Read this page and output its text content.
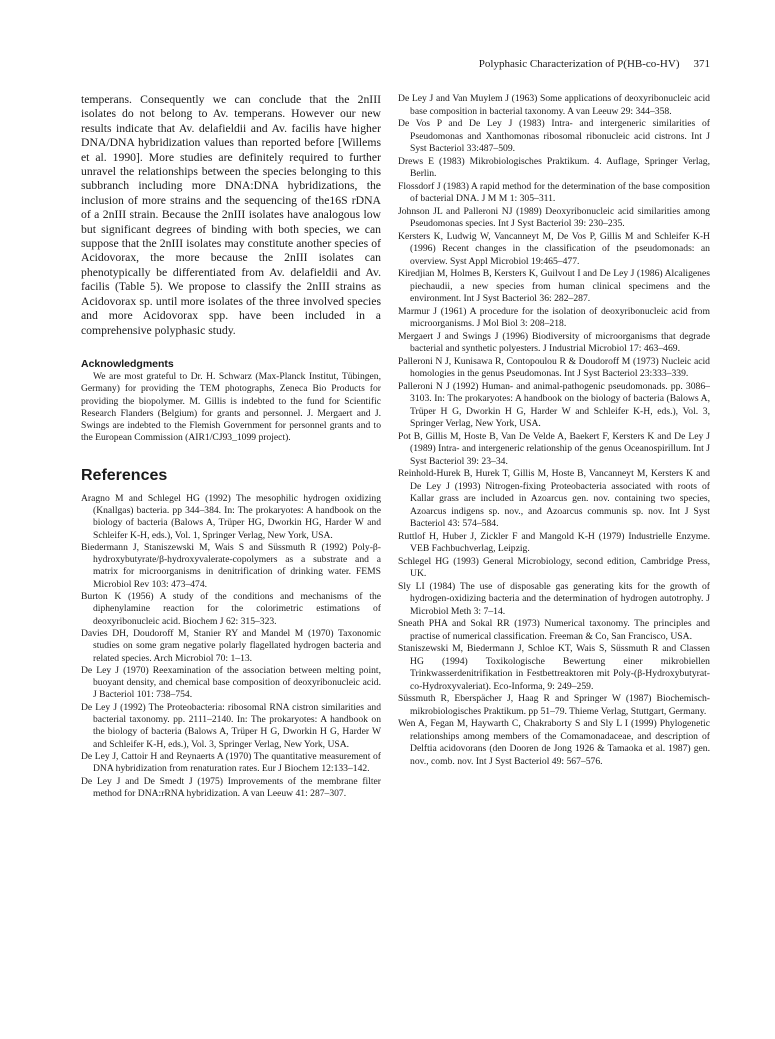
Polyphasic Characterization of P(HB-co-HV) 371

temperans. Consequently we can conclude that the 2nIII isolates do not belong to Av. temperans. However our new results indicate that Av. delafieldii and Av. facilis have higher DNA/DNA hybridization values than reported before [Willems et al. 1990]. More studies are definitely required to further unravel the relationships between the species belonging to this subbranch including more DNA:DNA hybridizations, the inclusion of more strains and the sequencing of the16S rDNA of a 2nIII strain. Because the 2nIII isolates have analogous low but significant degrees of binding with both species, we can suppose that the 2nIII isolates may constitute another species of Acidovorax, the more because the 2nIII isolates can phenotypically be differentiated from Av. delafieldii and Av. facilis (Table 5). We propose to classify the 2nIII strains as Acidovorax sp. until more isolates of the three involved species and more Acidovorax spp. have been included in a comprehensive polyphasic study.

Acknowledgments

We are most grateful to Dr. H. Schwarz (Max-Planck Institut, Tübingen, Germany) for providing the TEM photographs, Zeneca Bio Products for providing the biopolymer. M. Gillis is indebted to the fund for Scientific Research Flanders (Belgium) for grants and personnel. J. Mergaert and J. Swings are indebted to the Flemish Government for personnel grants and to the European Commission (AIR1/CJ93_1099 project).

References
Aragno M and Schlegel HG (1992) The mesophilic hydrogen oxidizing (Knallgas) bacteria. pp 344–384. In: The prokaryotes: A handbook on the biology of bacteria (Balows A, Trüper HG, Dworkin HG, Harder W and Schleifer K-H, eds.), Vol. 1, Springer Verlag, New York, USA.
Biedermann J, Staniszewski M, Wais S and Süssmuth R (1992) Poly-β-hydroxybutyrate/β-hydroxyvalerate-copolymers as a substrate and a matrix for microorganisms in denitrification of drinking water. FEMS Microbiol Rev 103: 473–474.
Burton K (1956) A study of the conditions and mechanisms of the diphenylamine reaction for the colorimetric estimations of deoxyribonucleic acid. Biochem J 62: 315–323.
Davies DH, Doudoroff M, Stanier RY and Mandel M (1970) Taxonomic studies on some gram negative polarly flagellated hydrogen bacteria and related species. Arch Microbiol 70: 1–13.
De Ley J (1970) Reexamination of the association between melting point, buoyant density, and chemical base composition of deoxyribonucleic acid. J Bacteriol 101: 738–754.
De Ley J (1992) The Proteobacteria: ribosomal RNA cistron similarities and bacterial taxonomy. pp. 2111–2140. In: The prokaryotes: A handbook on the biology of bacteria (Balows A, Trüper H G, Dworkin H G, Harder W and Schleifer K-H, eds.), Vol. 3, Springer Verlag, New York, USA.
De Ley J, Cattoir H and Reynaerts A (1970) The quantitative measurement of DNA hybridization from renaturation rates. Eur J Biochem 12:133–142.
De Ley J and De Smedt J (1975) Improvements of the membrane filter method for DNA:rRNA hybridization. A van Leeuw 41: 287–307.
De Ley J and Van Muylem J (1963) Some applications of deoxyribonucleic acid base composition in bacterial taxonomy. A van Leeuw 29: 344–358.
De Vos P and De Ley J (1983) Intra- and intergeneric similarities of Pseudomonas and Xanthomonas ribosomal ribonucleic acid cistrons. Int J Syst Bacteriol 33:487–509.
Drews E (1983) Mikrobiologisches Praktikum. 4. Auflage, Springer Verlag, Berlin.
Flossdorf J (1983) A rapid method for the determination of the base composition of bacterial DNA. J M M 1: 305–311.
Johnson JL and Palleroni NJ (1989) Deoxyribonucleic acid similarities among Pseudomonas species. Int J Syst Bacteriol 39: 230–235.
Kersters K, Ludwig W, Vancanneyt M, De Vos P, Gillis M and Schleifer K-H (1996) Recent changes in the classification of the pseudomonads: an overview. Syst Appl Microbiol 19:465–477.
Kiredjian M, Holmes B, Kersters K, Guilvout I and De Ley J (1986) Alcaligenes piechaudii, a new species from human clinical specimens and the environment. Int J Syst Bacteriol 36: 282–287.
Marmur J (1961) A procedure for the isolation of deoxyribonucleic acid from microorganisms. J Mol Biol 3: 208–218.
Mergaert J and Swings J (1996) Biodiversity of microorganisms that degrade bacterial and synthetic polyesters. J Industrial Microbiol 17: 463–469.
Palleroni N J, Kunisawa R, Contopoulou R & Doudoroff M (1973) Nucleic acid homologies in the genus Pseudomonas. Int J Syst Bacteriol 23:333–339.
Palleroni N J (1992) Human- and animal-pathogenic pseudomonads. pp. 3086–3103. In: The prokaryotes: A handbook on the biology of bacteria (Balows A, Trüper H G, Dworkin H G, Harder W and Schleifer K-H, eds.), Vol. 3, Springer Verlag, New York, USA.
Pot B, Gillis M, Hoste B, Van De Velde A, Baekert F, Kersters K and De Ley J (1989) Intra- and intergeneric relationship of the genus Oceanospirillum. Int J Syst Bacteriol 39: 23–34.
Reinhold-Hurek B, Hurek T, Gillis M, Hoste B, Vancanneyt M, Kersters K and De Ley J (1993) Nitrogen-fixing Proteobacteria associated with roots of Kallar grass are included in Azoarcus gen. nov. containing two species, Azoarcus indigens sp. nov., and Azoarcus communis sp. nov. Int J Syst Bacteriol 43: 574–584.
Ruttlof H, Huber J, Zickler F and Mangold K-H (1979) Industrielle Enzyme. VEB Fachbuchverlag, Leipzig.
Schlegel HG (1993) General Microbiology, second edition, Cambridge Press, UK.
Sly LI (1984) The use of disposable gas generating kits for the growth of hydrogen-oxidizing bacteria and the determination of hydrogen autotrophy. J Microbiol Meth 3: 7–14.
Sneath PHA and Sokal RR (1973) Numerical taxonomy. The principles and practise of numerical classification. Freeman & Co, San Francisco, USA.
Staniszewski M, Biedermann J, Schloe KT, Wais S, Süssmuth R and Classen HG (1994) Toxikologische Bewertung einer mikrobiellen Trinkwasserdenitrifikation in Festbettreaktoren mit Poly-(β-Hydroxybutyrat-co-Hydroxyvaleriat). Eco-Informa, 9: 249–259.
Süssmuth R, Eberspächer J, Haag R and Springer W (1987) Biochemisch-mikrobiologisches Praktikum. pp 51–79. Thieme Verlag, Stuttgart, Germany.
Wen A, Fegan M, Haywarth C, Chakraborty S and Sly L I (1999) Phylogenetic relationships among members of the Comamonadaceae, and description of Delftia acidovorans (den Dooren de Jong 1926 & Tamaoka et al. 1987) gen. nov., comb. nov. Int J Syst Bacteriol 49: 567–576.
